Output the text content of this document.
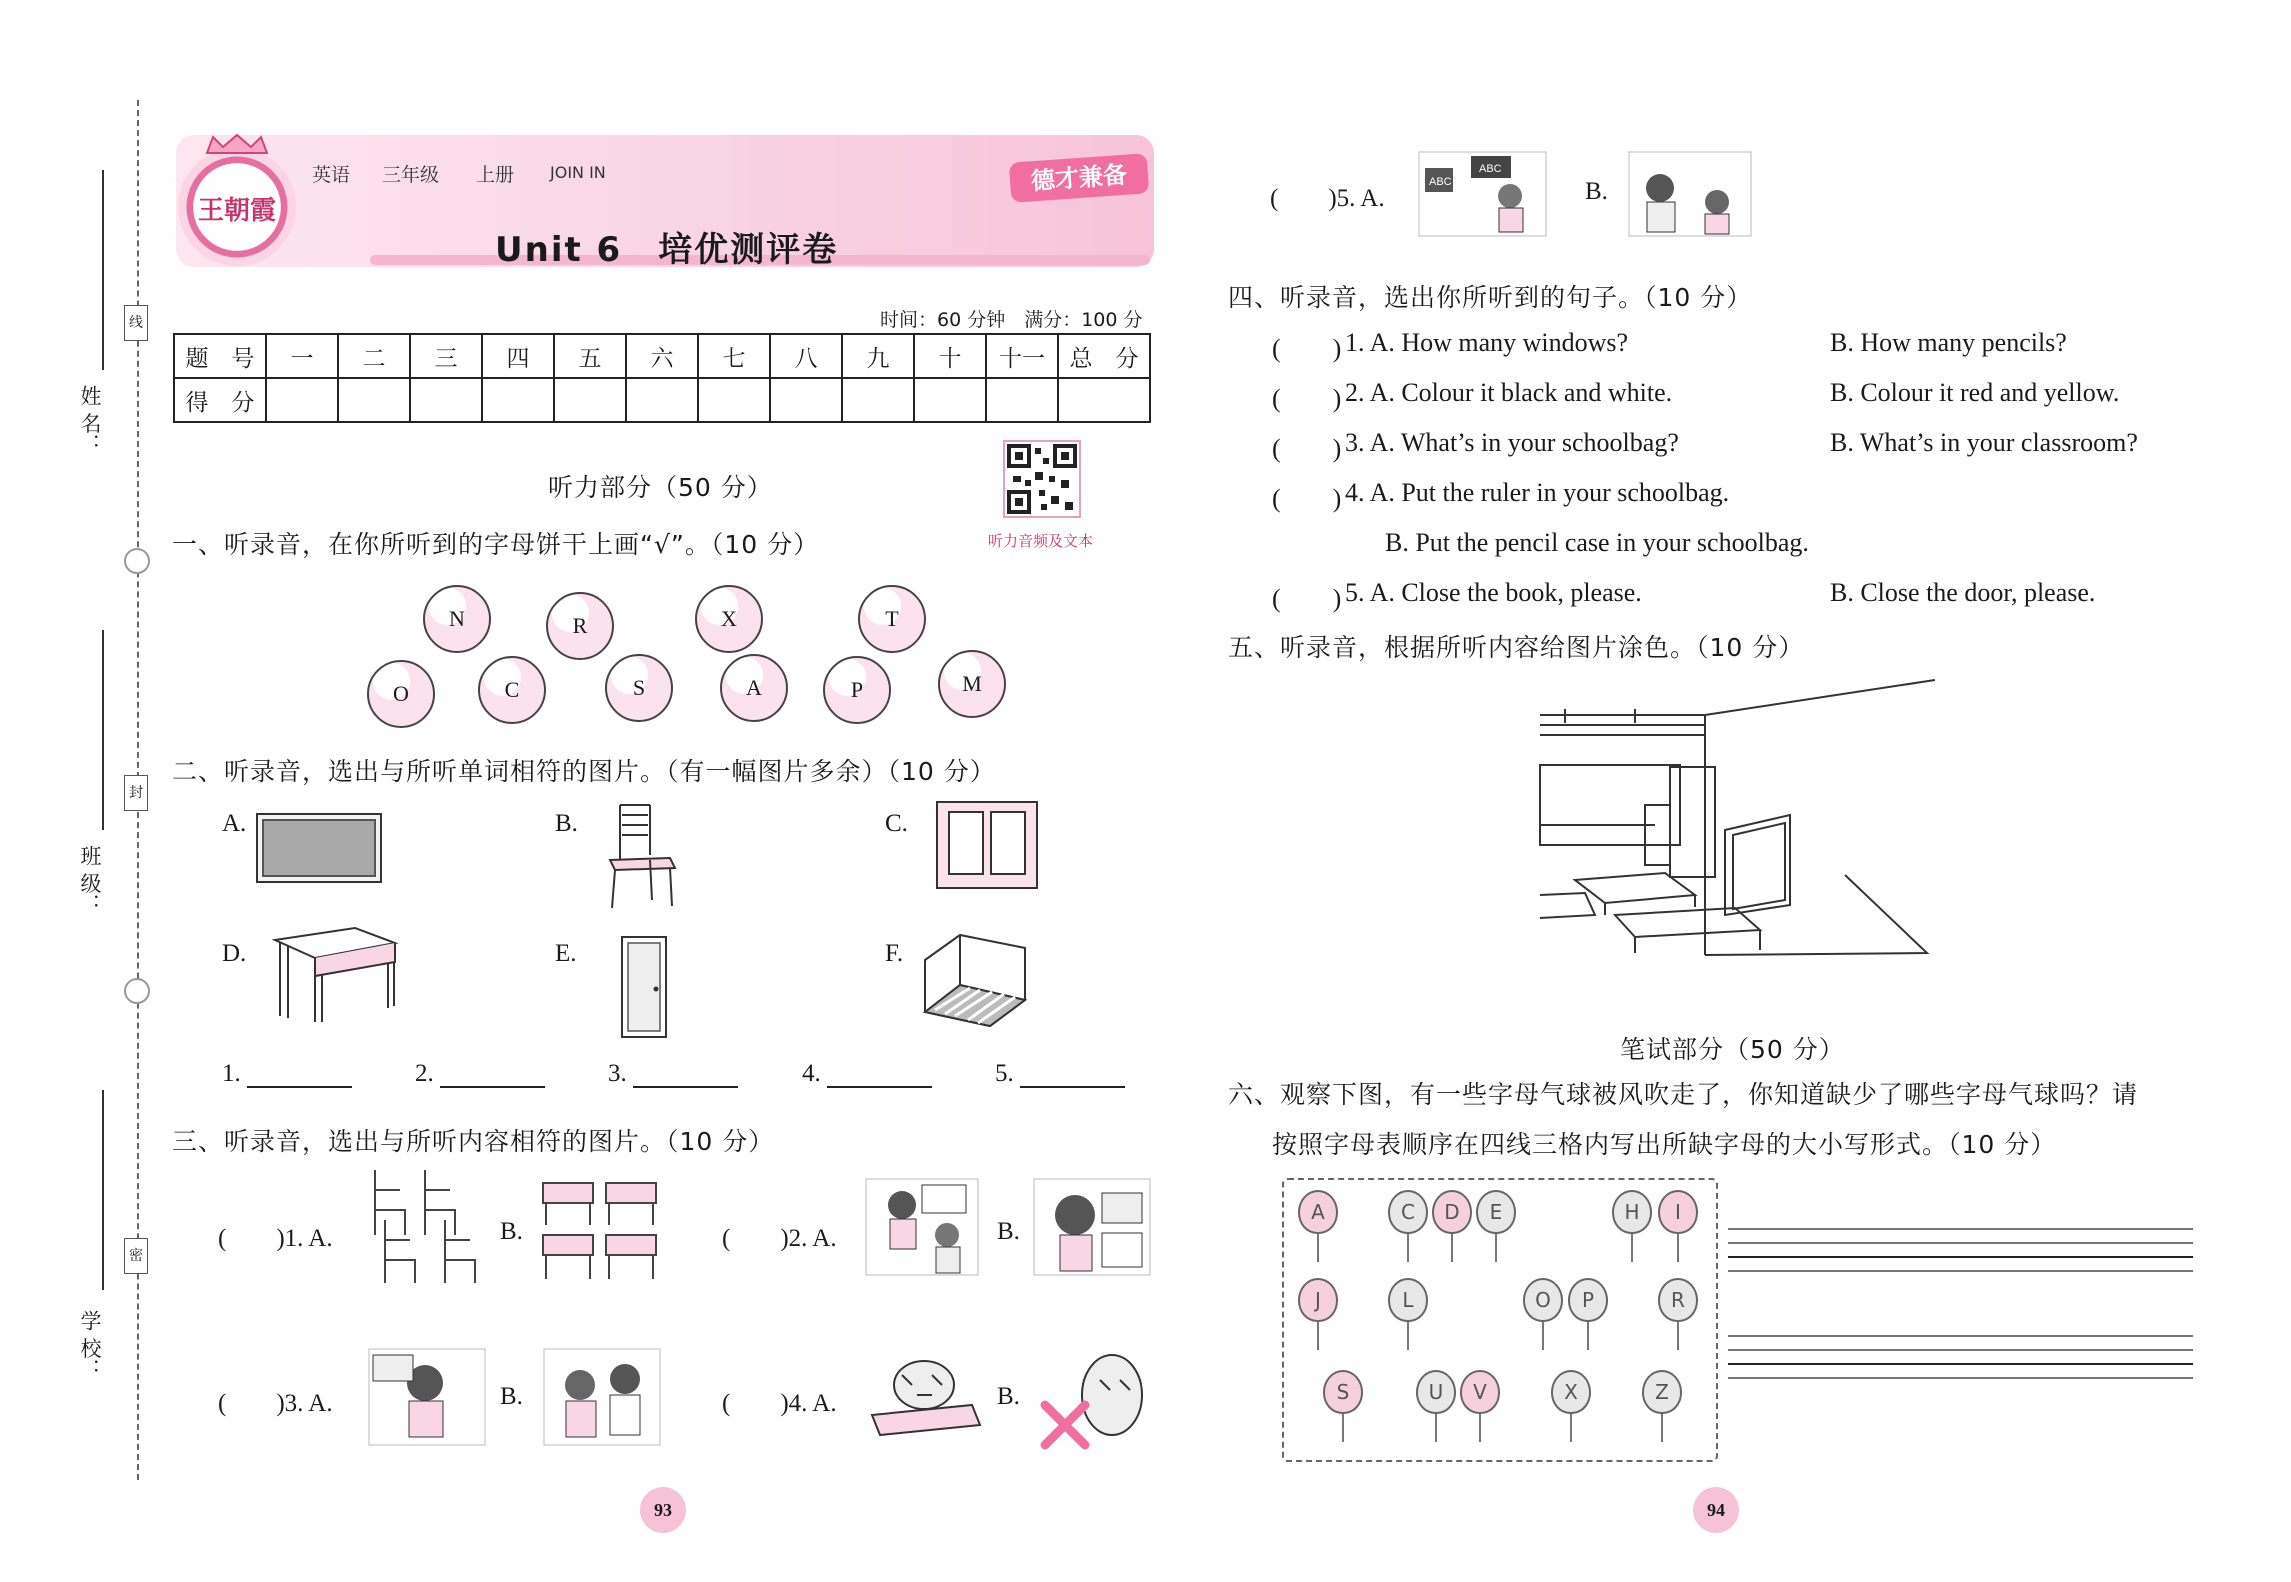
姓 名：
班 级：
学 校：
线
封
密
王朝霞
英语 三年级 上册 JOIN IN	德才兼备
Unit 6　培优测评卷
时间：60 分钟　满分：100 分
题　号	一	二	三	四	五	六	七	八	九	十	十一	总　分
得　分												
听力部分（50 分）
听力音频及文本
一、听录音，在你所听到的字母饼干上画“√”。（10 分）
N	R	X	T
O	C	S	A	P	M
二、听录音，选出与所听单词相符的图片。（有一幅图片多余）（10 分）
A.	B.	C.
D.	E.	F.
1.	2.	3.	4.	5.
三、听录音，选出与所听内容相符的图片。（10 分）
(　　)1. A.	B.	(　　)2. A.	B.
(　　)3. A.	B.	(　　)4. A.	B.
(　　)5. A.
ABC
ABC
B.
四、听录音，选出你所听到的句子。（10 分）
(　　) 1. A. How many windows?	B. How many pencils?
(　　) 2. A. Colour it black and white.	B. Colour it red and yellow.
(　　) 3. A. What’s in your schoolbag?	B. What’s in your classroom?
(　　) 4. A. Put the ruler in your schoolbag.
B. Put the pencil case in your schoolbag.
(　　) 5. A. Close the book, please.	B. Close the door, please.
五、听录音，根据所听内容给图片涂色。（10 分）
笔试部分（50 分）
六、观察下图，有一些字母气球被风吹走了，你知道缺少了哪些字母气球吗？请
按照字母表顺序在四线三格内写出所缺字母的大小写形式。（10 分）
A	C	D	E	H	I
J	L	O	P	R
S	U	V	X	Z
93	94
